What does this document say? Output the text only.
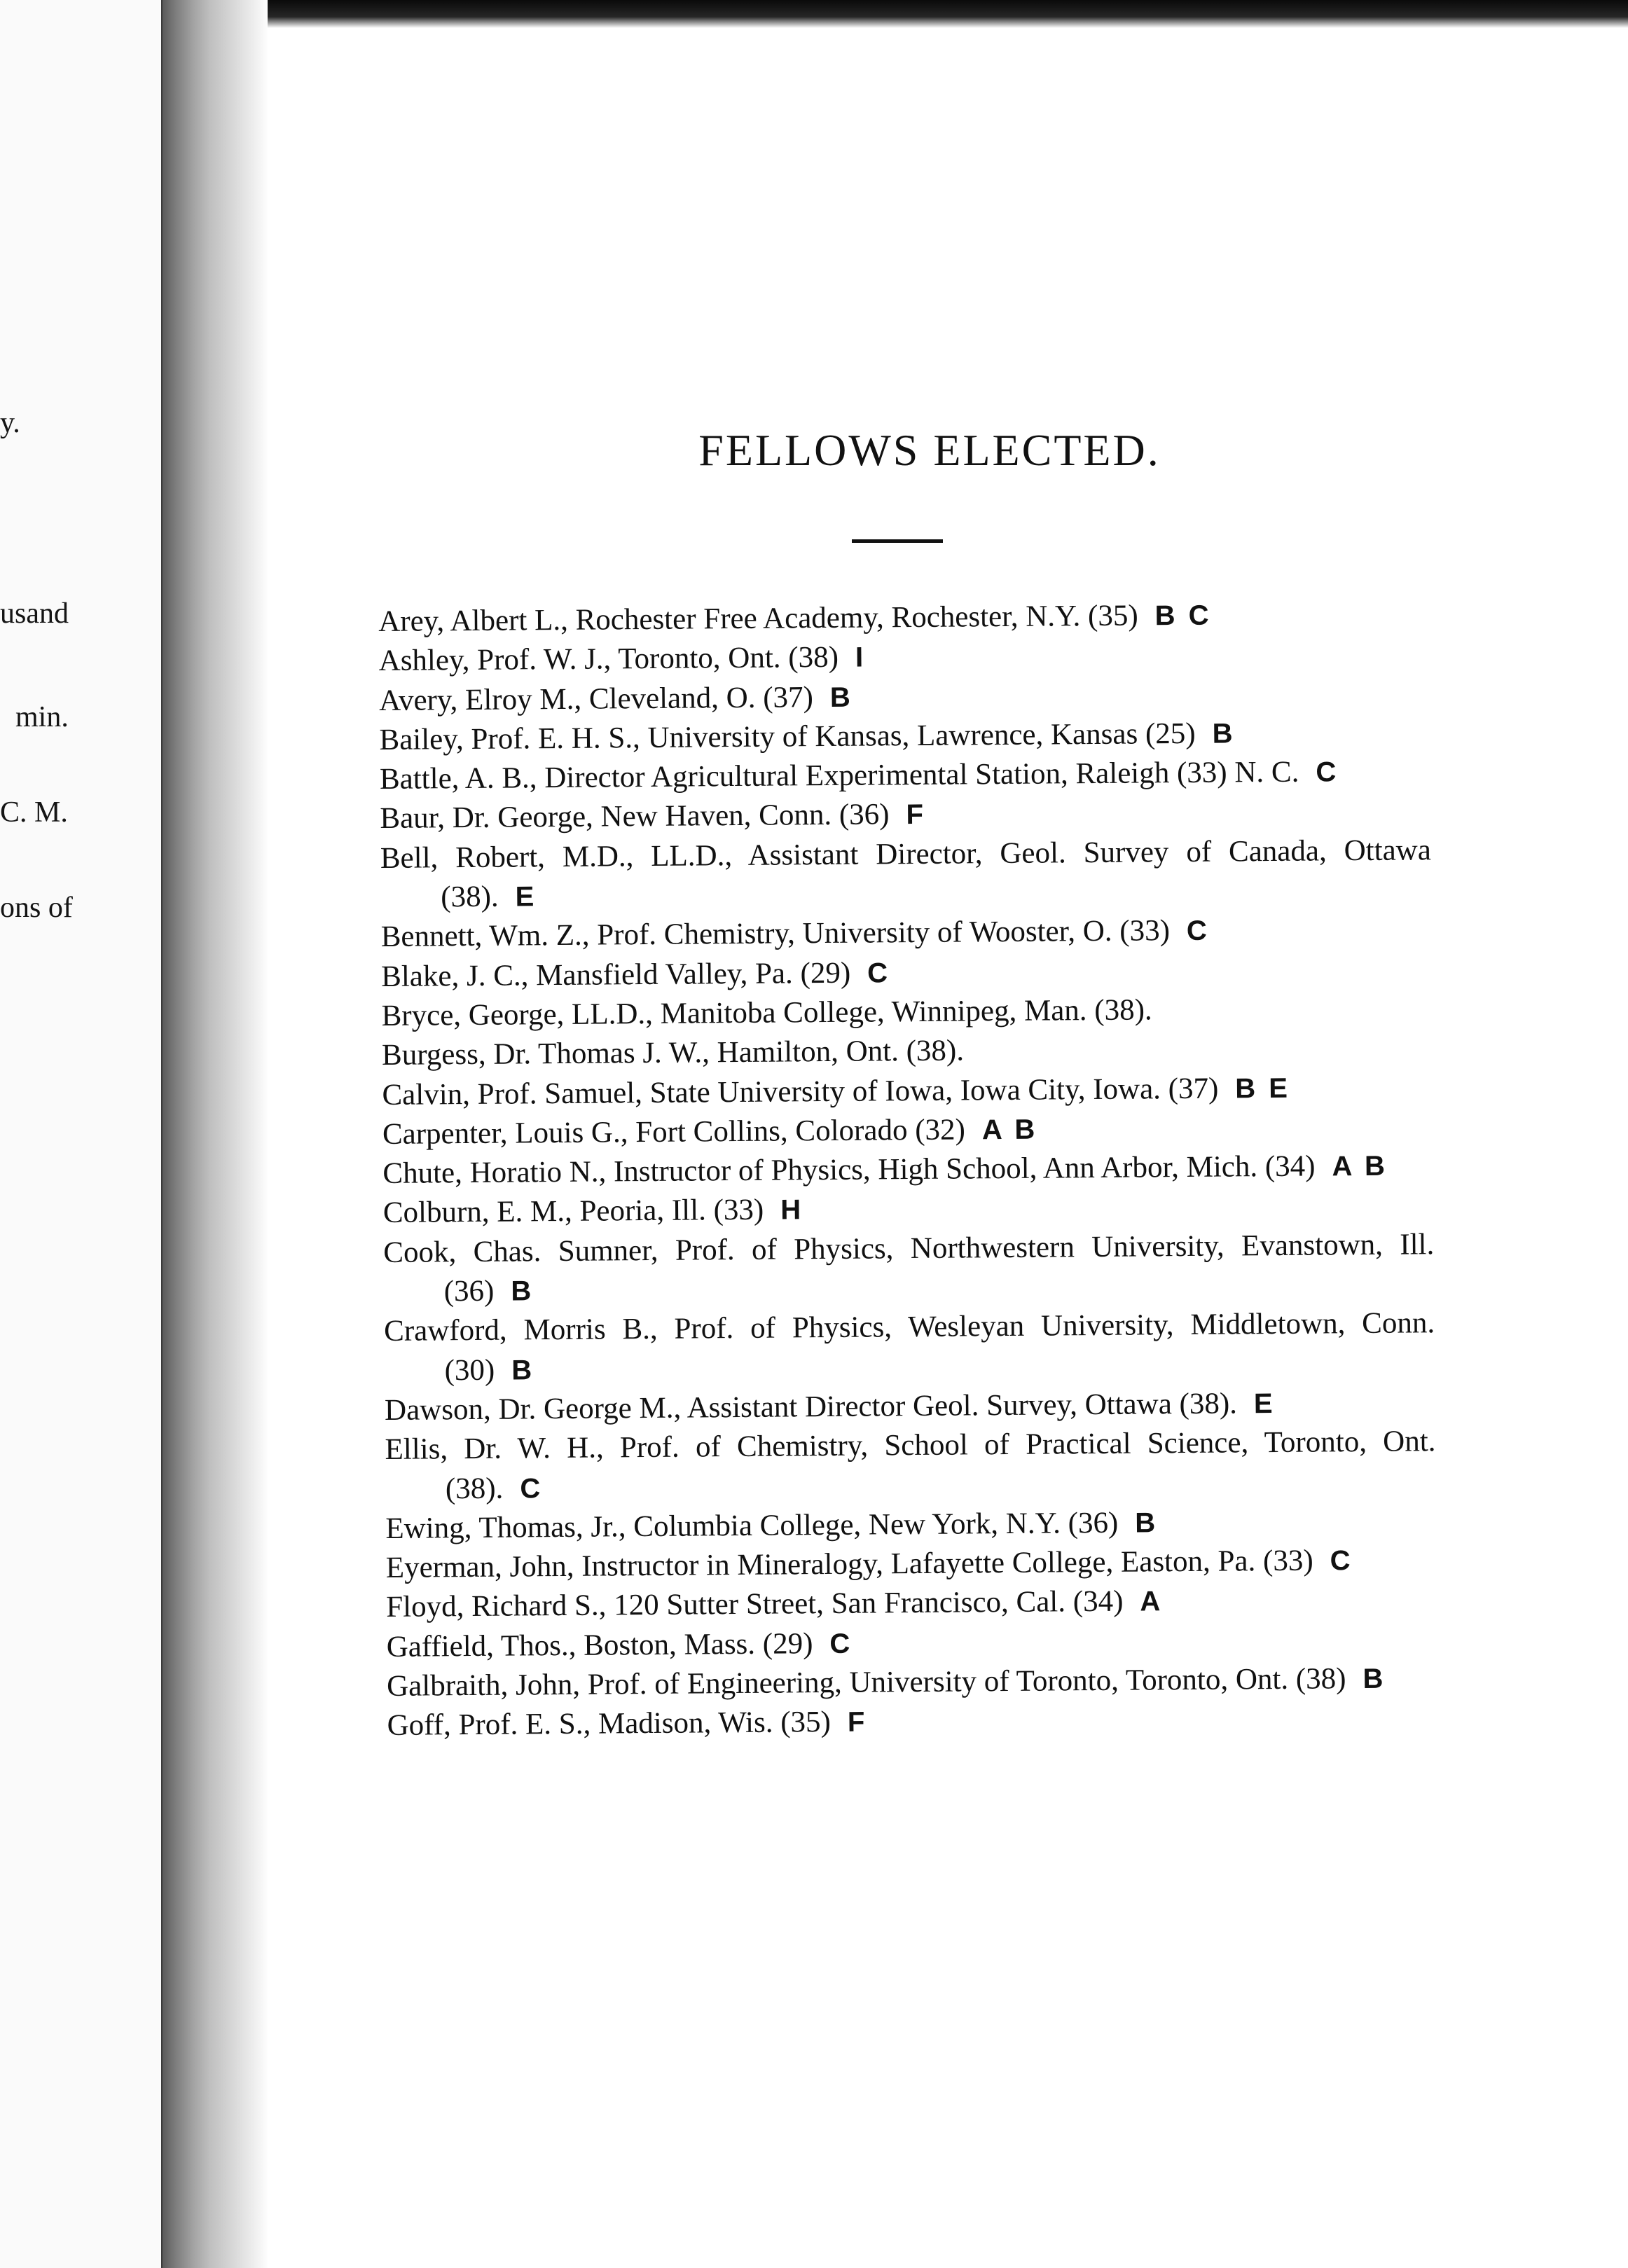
y.
usand
min.
C. M.
ons of
FELLOWS ELECTED.
Arey, Albert L., Rochester Free Academy, Rochester, N.Y. (35) B C
Ashley, Prof. W. J., Toronto, Ont. (38) I
Avery, Elroy M., Cleveland, O. (37) B
Bailey, Prof. E. H. S., University of Kansas, Lawrence, Kansas (25) B
Battle, A. B., Director Agricultural Experimental Station, Raleigh (33) N. C. C
Baur, Dr. George, New Haven, Conn. (36) F
Bell, Robert, M.D., LL.D., Assistant Director, Geol. Survey of Canada, Ottawa (38). E
Bennett, Wm. Z., Prof. Chemistry, University of Wooster, O. (33) C
Blake, J. C., Mansfield Valley, Pa. (29) C
Bryce, George, LL.D., Manitoba College, Winnipeg, Man. (38).
Burgess, Dr. Thomas J. W., Hamilton, Ont. (38).
Calvin, Prof. Samuel, State University of Iowa, Iowa City, Iowa. (37) B E
Carpenter, Louis G., Fort Collins, Colorado (32) A B
Chute, Horatio N., Instructor of Physics, High School, Ann Arbor, Mich. (34) A B
Colburn, E. M., Peoria, Ill. (33) H
Cook, Chas. Sumner, Prof. of Physics, Northwestern University, Evanstown, Ill. (36) B
Crawford, Morris B., Prof. of Physics, Wesleyan University, Middletown, Conn. (30) B
Dawson, Dr. George M., Assistant Director Geol. Survey, Ottawa (38). E
Ellis, Dr. W. H., Prof. of Chemistry, School of Practical Science, Toronto, Ont. (38). C
Ewing, Thomas, Jr., Columbia College, New York, N.Y. (36) B
Eyerman, John, Instructor in Mineralogy, Lafayette College, Easton, Pa. (33) C
Floyd, Richard S., 120 Sutter Street, San Francisco, Cal. (34) A
Gaffield, Thos., Boston, Mass. (29) C
Galbraith, John, Prof. of Engineering, University of Toronto, Toronto, Ont. (38) B
Goff, Prof. E. S., Madison, Wis. (35) F
